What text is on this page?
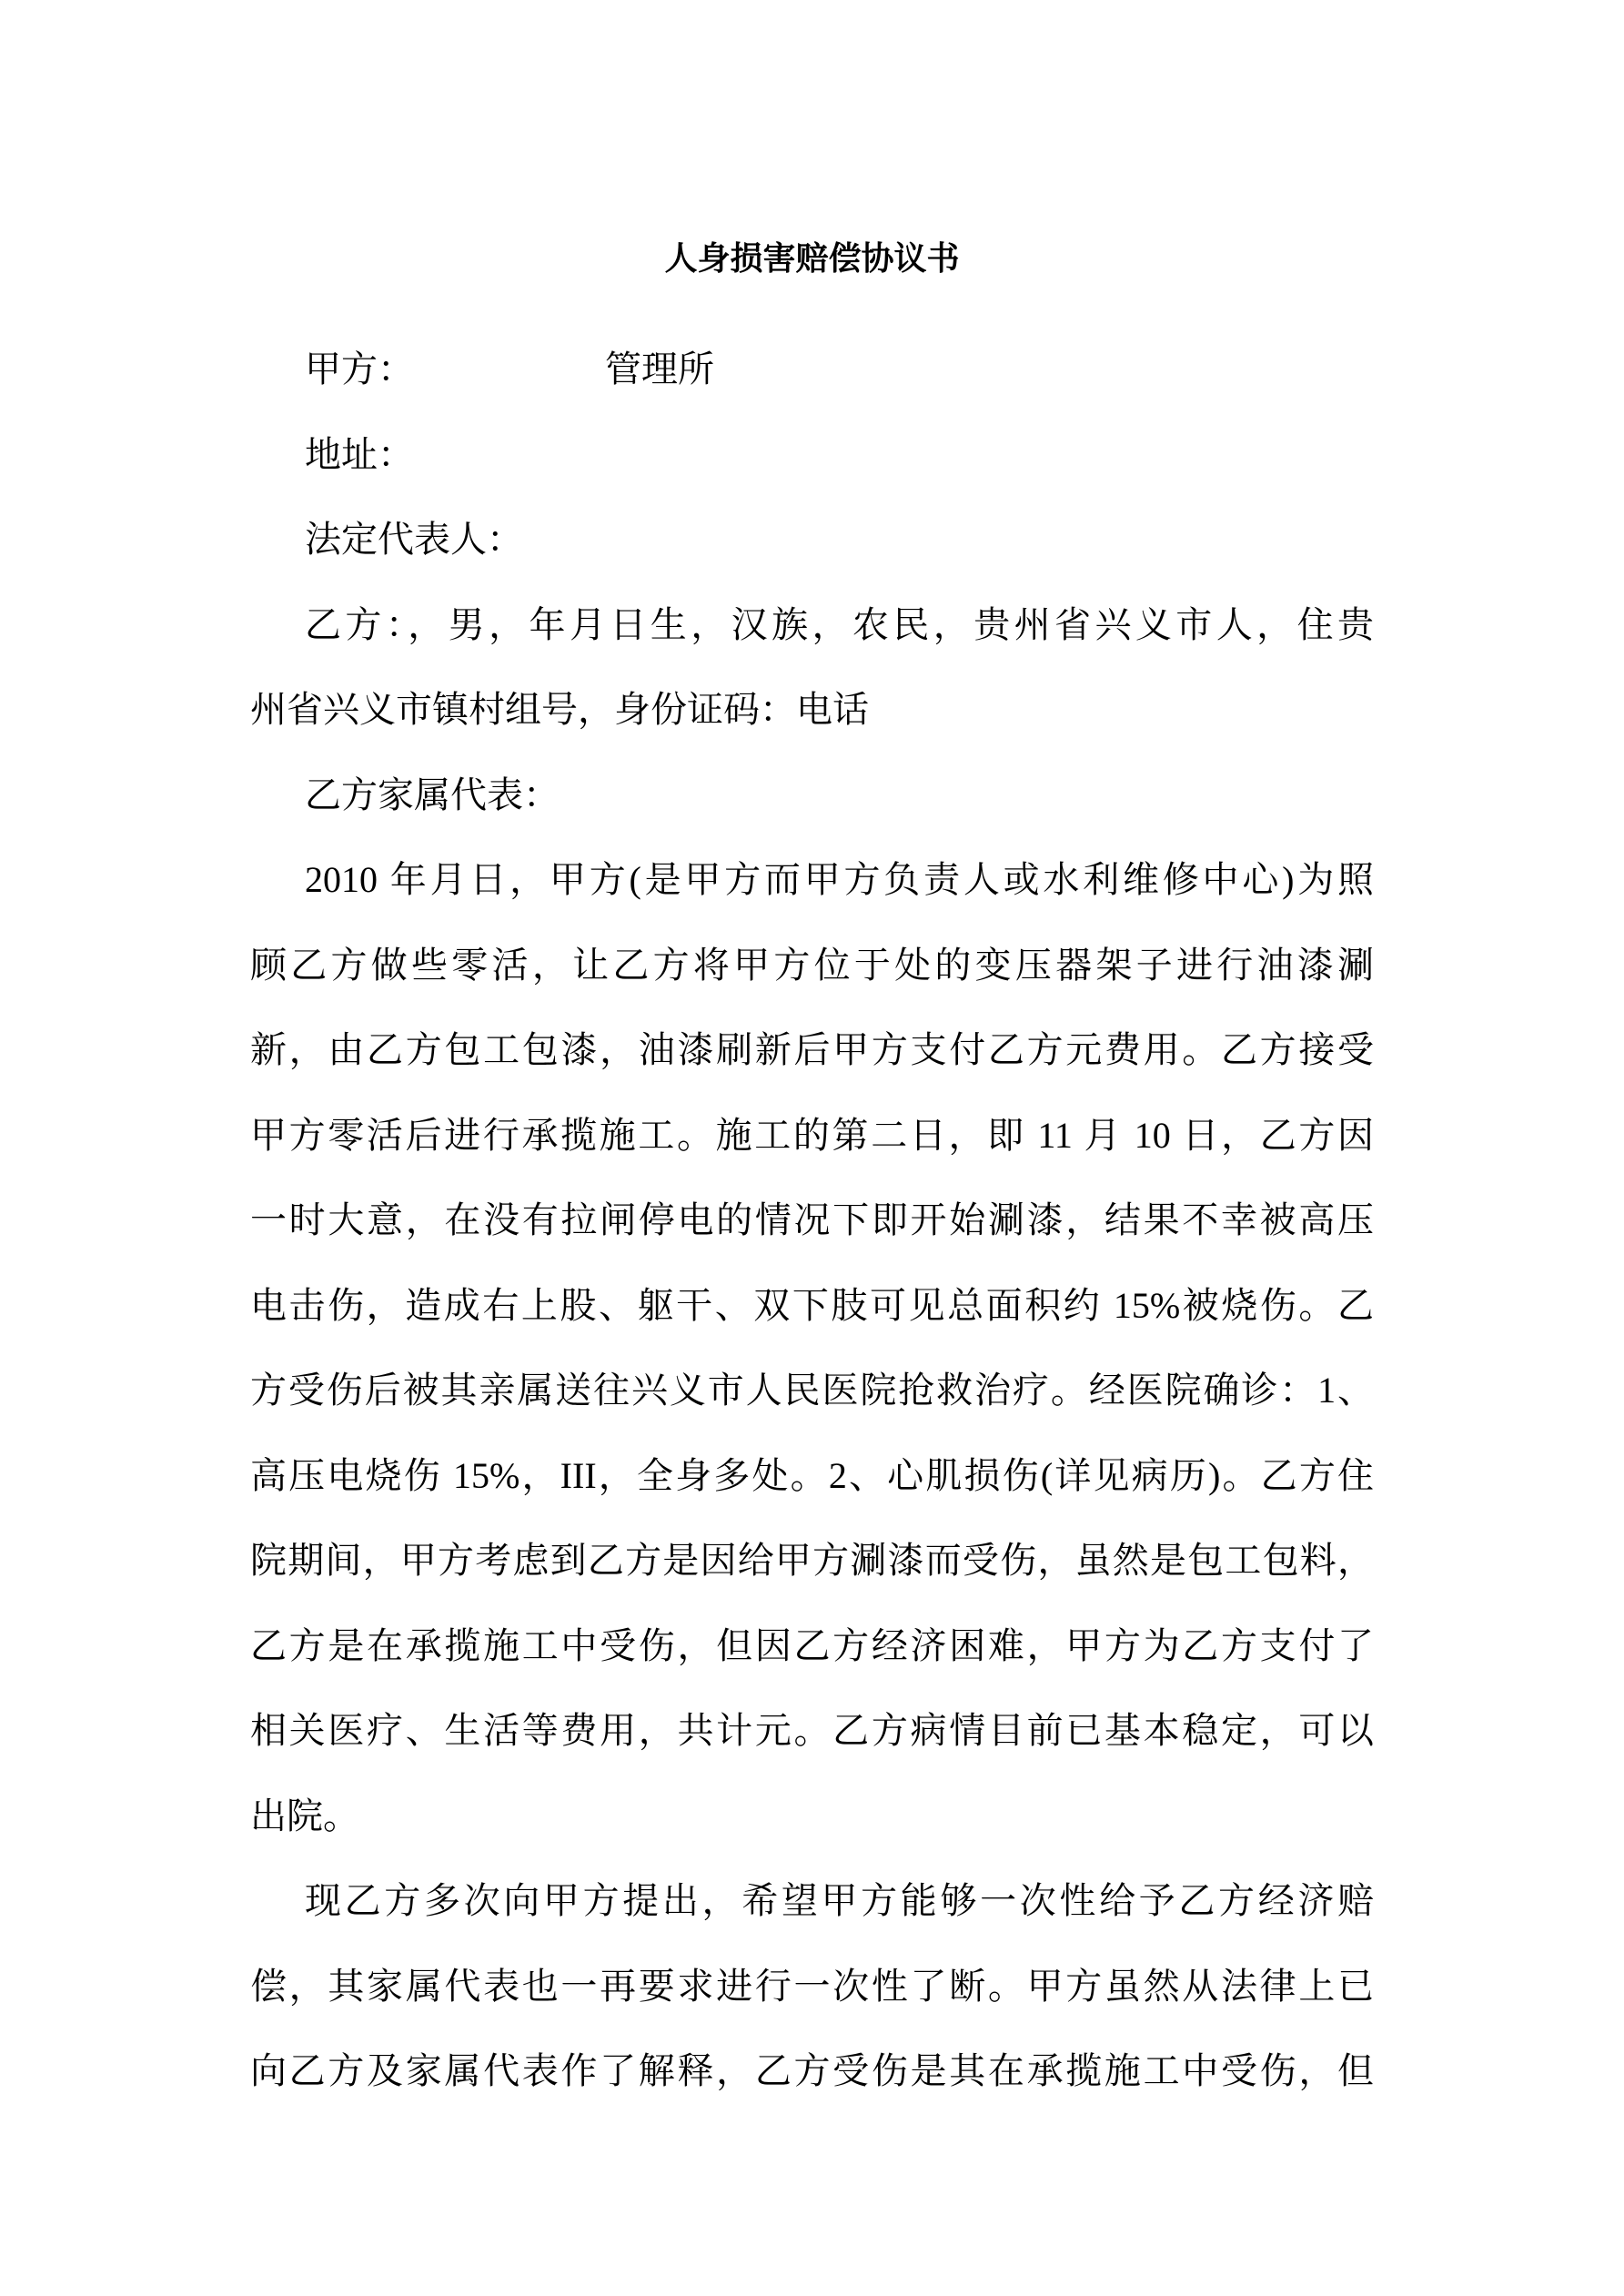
人身损害赔偿协议书
甲方：	管理所
地址：
法定代表人：
乙方：，男，年月日生，汉族，农民，贵州省兴义市人，住贵
州省兴义市镇村组号，身份证码：电话
乙方家属代表：
2010 年月日，甲方(是甲方而甲方负责人或水利维修中心)为照
顾乙方做些零活，让乙方将甲方位于处的变压器架子进行油漆涮
新，由乙方包工包漆，油漆刷新后甲方支付乙方元费用。乙方接受
甲方零活后进行承揽施工。施工的第二日，即 11 月 10 日，乙方因
一时大意，在没有拉闸停电的情况下即开始涮漆，结果不幸被高压
电击伤，造成右上股、躯干、双下肢可见总面积约 15%被烧伤。乙
方受伤后被其亲属送往兴义市人民医院抢救治疗。经医院确诊：1、
高压电烧伤 15%，III，全身多处。2、心肌损伤(详见病历)。乙方住
院期间，甲方考虑到乙方是因给甲方涮漆而受伤，虽然是包工包料，
乙方是在承揽施工中受伤，但因乙方经济困难，甲方为乙方支付了
相关医疗、生活等费用，共计元。乙方病情目前已基本稳定，可以
出院。
现乙方多次向甲方提出，希望甲方能够一次性给予乙方经济赔
偿，其家属代表也一再要求进行一次性了断。甲方虽然从法律上已
向乙方及家属代表作了解释，乙方受伤是其在承揽施工中受伤，但
